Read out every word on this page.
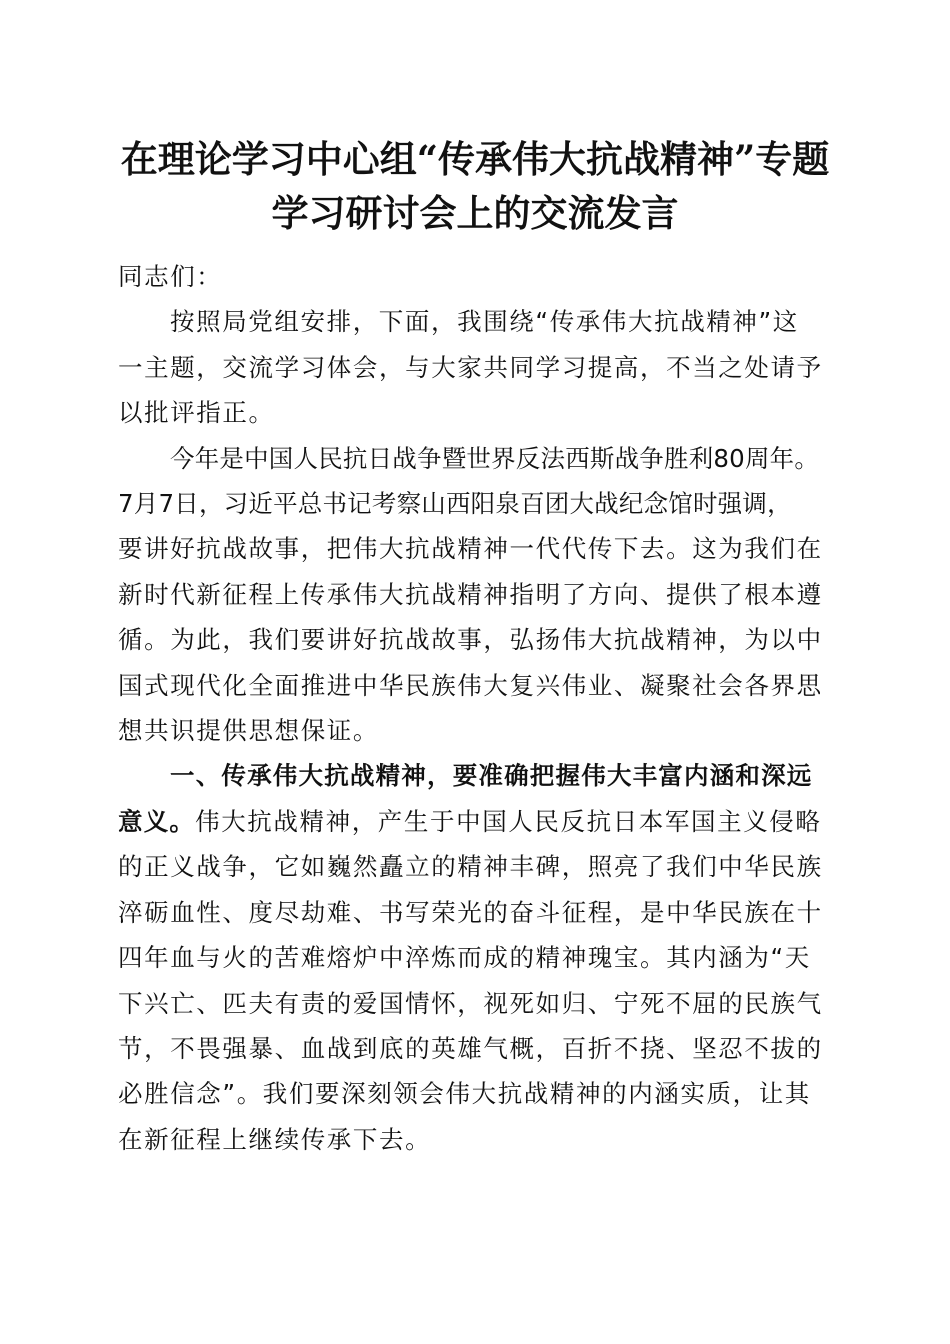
在理论学习中心组“传承伟大抗战精神”专题
学习研讨会上的交流发言

同志们：

按照局党组安排，下面，我围绕“传承伟大抗战精神”这
一主题，交流学习体会，与大家共同学习提高，不当之处请予
以批评指正。

今年是中国人民抗日战争暨世界反法西斯战争胜利80周年。
7月7日，习近平总书记考察山西阳泉百团大战纪念馆时强调，
要讲好抗战故事，把伟大抗战精神一代代传下去。这为我们在
新时代新征程上传承伟大抗战精神指明了方向、提供了根本遵
循。为此，我们要讲好抗战故事，弘扬伟大抗战精神，为以中
国式现代化全面推进中华民族伟大复兴伟业、凝聚社会各界思
想共识提供思想保证。

一、传承伟大抗战精神，要准确把握伟大丰富内涵和深远
意义。伟大抗战精神，产生于中国人民反抗日本军国主义侵略
的正义战争，它如巍然矗立的精神丰碑，照亮了我们中华民族
淬砺血性、度尽劫难、书写荣光的奋斗征程，是中华民族在十
四年血与火的苦难熔炉中淬炼而成的精神瑰宝。其内涵为“天
下兴亡、匹夫有责的爱国情怀，视死如归、宁死不屈的民族气
节，不畏强暴、血战到底的英雄气概，百折不挠、坚忍不拔的
必胜信念”。我们要深刻领会伟大抗战精神的内涵实质，让其
在新征程上继续传承下去。
